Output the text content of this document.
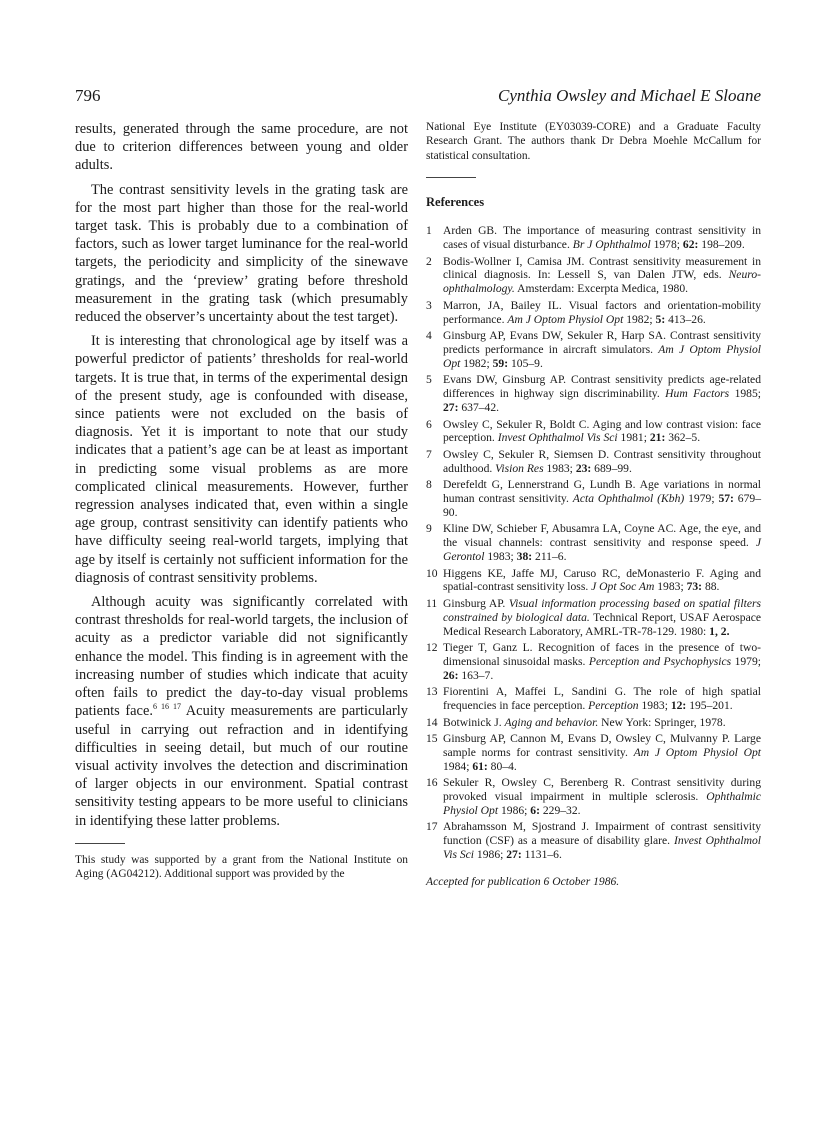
796	Cynthia Owsley and Michael E Sloane

results, generated through the same procedure, are not due to criterion differences between young and older adults.

The contrast sensitivity levels in the grating task are for the most part higher than those for the real-world target task. This is probably due to a combination of factors, such as lower target luminance for the real-world targets, the periodicity and simplicity of the sinewave gratings, and the ‘preview’ grating before threshold measurement in the grating task (which presumably reduced the observer’s uncertainty about the test target).

It is interesting that chronological age by itself was a powerful predictor of patients’ thresholds for real-world targets. It is true that, in terms of the experimental design of the present study, age is confounded with disease, since patients were not excluded on the basis of diagnosis. Yet it is important to note that our study indicates that a patient’s age can be at least as important in predicting some visual problems as are more complicated clinical measurements. However, further regression analyses indicated that, even within a single age group, contrast sensitivity can identify patients who have difficulty seeing real-world targets, implying that age by itself is certainly not sufficient information for the diagnosis of contrast sensitivity problems.

Although acuity was significantly correlated with contrast thresholds for real-world targets, the inclusion of acuity as a predictor variable did not significantly enhance the model. This finding is in agreement with the increasing number of studies which indicate that acuity often fails to predict the day-to-day visual problems patients face.$^{6 16 17}$ Acuity measurements are particularly useful in carrying out refraction and in identifying difficulties in seeing detail, but much of our routine visual activity involves the detection and discrimination of larger objects in our environment. Spatial contrast sensitivity testing appears to be more useful to clinicians in identifying these latter problems.

This study was supported by a grant from the National Institute on Aging (AG04212). Additional support was provided by the

National Eye Institute (EY03039-CORE) and a Graduate Faculty Research Grant. The authors thank Dr Debra Moehle McCallum for statistical consultation.

References

1 Arden GB. The importance of measuring contrast sensitivity in cases of visual disturbance. Br J Ophthalmol 1978; 62: 198–209.
2 Bodis-Wollner I, Camisa JM. Contrast sensitivity measurement in clinical diagnosis. In: Lessell S, van Dalen JTW, eds. Neuro-ophthalmology. Amsterdam: Excerpta Medica, 1980.
3 Marron, JA, Bailey IL. Visual factors and orientation-mobility performance. Am J Optom Physiol Opt 1982; 5: 413–26.
4 Ginsburg AP, Evans DW, Sekuler R, Harp SA. Contrast sensitivity predicts performance in aircraft simulators. Am J Optom Physiol Opt 1982; 59: 105–9.
5 Evans DW, Ginsburg AP. Contrast sensitivity predicts age-related differences in highway sign discriminability. Hum Factors 1985; 27: 637–42.
6 Owsley C, Sekuler R, Boldt C. Aging and low contrast vision: face perception. Invest Ophthalmol Vis Sci 1981; 21: 362–5.
7 Owsley C, Sekuler R, Siemsen D. Contrast sensitivity throughout adulthood. Vision Res 1983; 23: 689–99.
8 Derefeldt G, Lennerstrand G, Lundh B. Age variations in normal human contrast sensitivity. Acta Ophthalmol (Kbh) 1979; 57: 679–90.
9 Kline DW, Schieber F, Abusamra LA, Coyne AC. Age, the eye, and the visual channels: contrast sensitivity and response speed. J Gerontol 1983; 38: 211–6.
10 Higgens KE, Jaffe MJ, Caruso RC, deMonasterio F. Aging and spatial-contrast sensitivity loss. J Opt Soc Am 1983; 73: 88.
11 Ginsburg AP. Visual information processing based on spatial filters constrained by biological data. Technical Report, USAF Aerospace Medical Research Laboratory, AMRL-TR-78-129. 1980: 1, 2.
12 Tieger T, Ganz L. Recognition of faces in the presence of two-dimensional sinusoidal masks. Perception and Psychophysics 1979; 26: 163–7.
13 Fiorentini A, Maffei L, Sandini G. The role of high spatial frequencies in face perception. Perception 1983; 12: 195–201.
14 Botwinick J. Aging and behavior. New York: Springer, 1978.
15 Ginsburg AP, Cannon M, Evans D, Owsley C, Mulvanny P. Large sample norms for contrast sensitivity. Am J Optom Physiol Opt 1984; 61: 80–4.
16 Sekuler R, Owsley C, Berenberg R. Contrast sensitivity during provoked visual impairment in multiple sclerosis. Ophthalmic Physiol Opt 1986; 6: 229–32.
17 Abrahamsson M, Sjostrand J. Impairment of contrast sensitivity function (CSF) as a measure of disability glare. Invest Ophthalmol Vis Sci 1986; 27: 1131–6.
Accepted for publication 6 October 1986.
